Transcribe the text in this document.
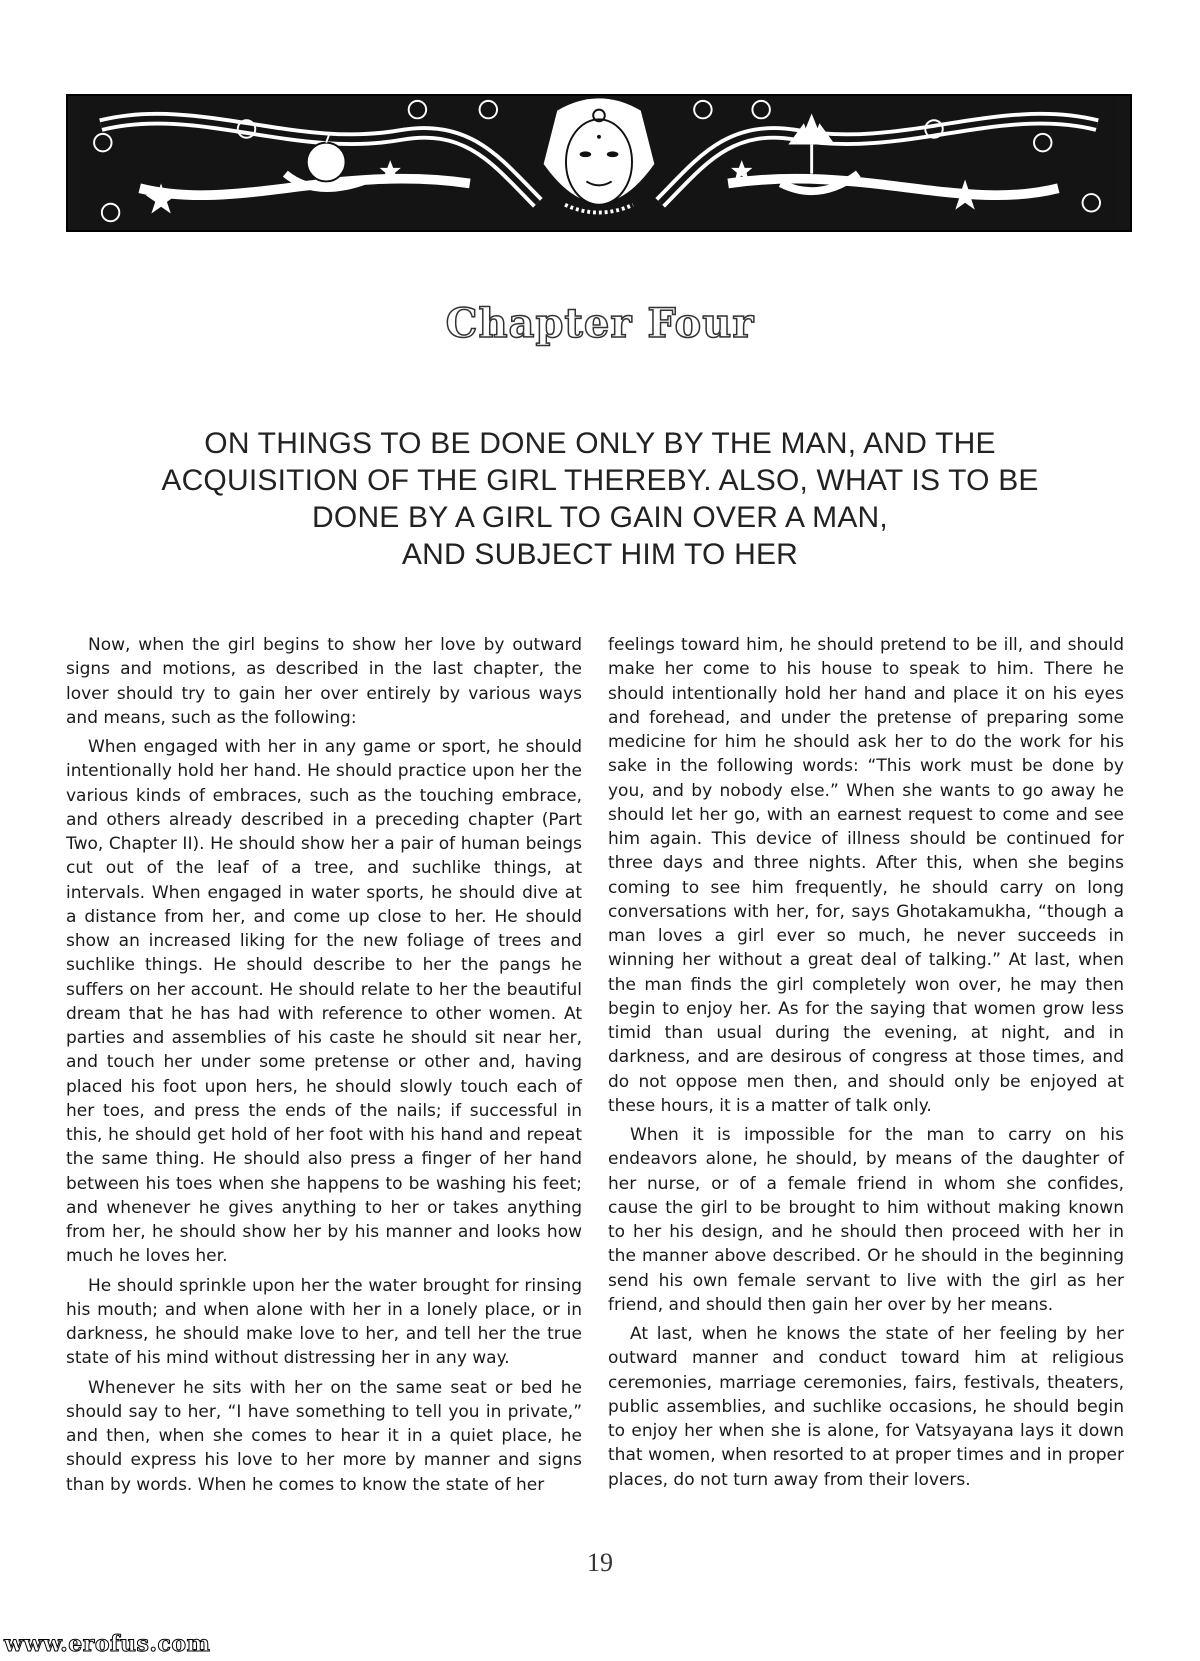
Chapter Four
ON THINGS TO BE DONE ONLY BY THE MAN, AND THE
ACQUISITION OF THE GIRL THEREBY. ALSO, WHAT IS TO BE
DONE BY A GIRL TO GAIN OVER A MAN,
AND SUBJECT HIM TO HER

Now, when the girl begins to show her love by outward signs and motions, as described in the last chapter, the lover should try to gain her over entirely by various ways and means, such as the following:

When engaged with her in any game or sport, he should intentionally hold her hand. He should practice upon her the various kinds of embraces, such as the touching embrace, and others already described in a preceding chapter (Part Two, Chapter II). He should show her a pair of human beings cut out of the leaf of a tree, and suchlike things, at intervals. When engaged in water sports, he should dive at a distance from her, and come up close to her. He should show an increased liking for the new foliage of trees and suchlike things. He should describe to her the pangs he suffers on her account. He should relate to her the beautiful dream that he has had with reference to other women. At parties and assemblies of his caste he should sit near her, and touch her under some pretense or other and, having placed his foot upon hers, he should slowly touch each of her toes, and press the ends of the nails; if successful in this, he should get hold of her foot with his hand and repeat the same thing. He should also press a finger of her hand between his toes when she happens to be washing his feet; and whenever he gives anything to her or takes anything from her, he should show her by his manner and looks how much he loves her.

He should sprinkle upon her the water brought for rinsing his mouth; and when alone with her in a lonely place, or in darkness, he should make love to her, and tell her the true state of his mind without distressing her in any way.

Whenever he sits with her on the same seat or bed he should say to her, “I have something to tell you in private,” and then, when she comes to hear it in a quiet place, he should express his love to her more by manner and signs than by words. When he comes to know the state of her

feelings toward him, he should pretend to be ill, and should make her come to his house to speak to him. There he should intentionally hold her hand and place it on his eyes and forehead, and under the pretense of preparing some medicine for him he should ask her to do the work for his sake in the following words: “This work must be done by you, and by nobody else.” When she wants to go away he should let her go, with an earnest request to come and see him again. This device of illness should be continued for three days and three nights. After this, when she begins coming to see him frequently, he should carry on long conversations with her, for, says Ghotakamukha, “though a man loves a girl ever so much, he never succeeds in winning her without a great deal of talking.” At last, when the man finds the girl completely won over, he may then begin to enjoy her. As for the saying that women grow less timid than usual during the evening, at night, and in darkness, and are desirous of congress at those times, and do not oppose men then, and should only be enjoyed at these hours, it is a matter of talk only.

When it is impossible for the man to carry on his endeavors alone, he should, by means of the daughter of her nurse, or of a female friend in whom she confides, cause the girl to be brought to him without making known to her his design, and he should then proceed with her in the manner above described. Or he should in the beginning send his own female servant to live with the girl as her friend, and should then gain her over by her means.

At last, when he knows the state of her feeling by her outward manner and conduct toward him at religious ceremonies, marriage ceremonies, fairs, festivals, theaters, public assemblies, and suchlike occasions, he should begin to enjoy her when she is alone, for Vatsyayana lays it down that women, when resorted to at proper times and in proper places, do not turn away from their lovers.

19
www.erofus.com
